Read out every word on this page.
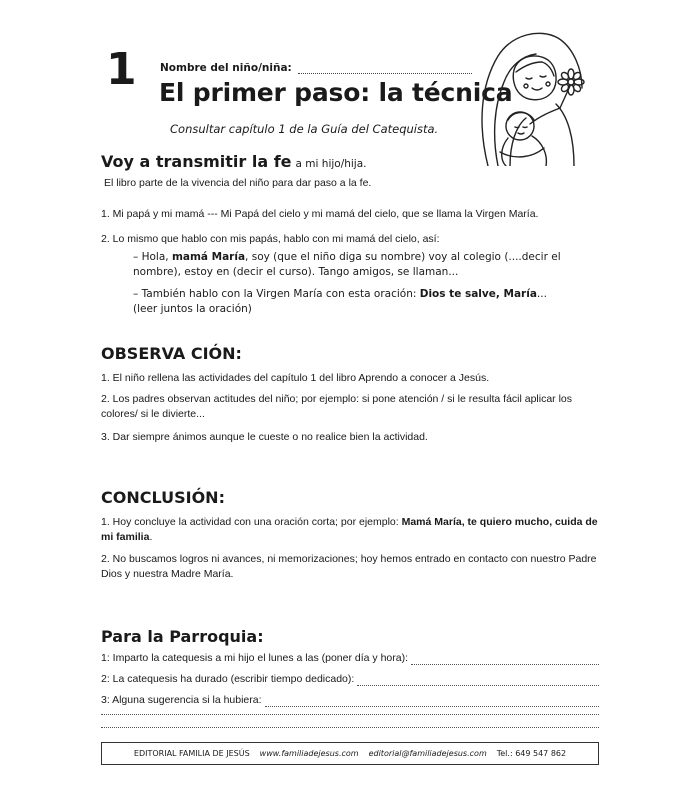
1 Nombre del niño/niña:
El primer paso: la técnica
Consultar capítulo 1 de la Guía del Catequista.
Voy a transmitir la fe a mi hijo/hija.
El libro parte de la vivencia del niño para dar paso a la fe.
1. Mi papá y mi mamá --- Mi Papá del cielo y mi mamá del cielo, que se llama la Virgen María.
2. Lo mismo que hablo con mis papás, hablo con mi mamá del cielo, así:
– Hola, mamá María, soy (que el niño diga su nombre) voy al colegio (....decir el nombre), estoy en (decir el curso). Tango amigos, se llaman...
– También hablo con la Virgen María con esta oración: Dios te salve, María... (leer juntos la oración)
OBSERVA CIÓN:
1. El niño rellena las actividades del capítulo 1 del libro Aprendo a conocer a Jesús.
2. Los padres observan actitudes del niño; por ejemplo: si pone atención / si le resulta fácil aplicar los colores/ si le divierte...
3. Dar siempre ánimos aunque le cueste o no realice bien la actividad.
CONCLUSIÓN:
1. Hoy concluye la actividad con una oración corta; por ejemplo: Mamá María, te quiero mucho, cuida de mi familia.
2. No buscamos logros ni avances, ni memorizaciones; hoy hemos entrado en contacto con nuestro Padre Dios y nuestra Madre María.
Para la Parroquia:
1: Imparto la catequesis a mi hijo el lunes a las (poner día y hora):
2: La catequesis ha durado (escribir tiempo dedicado):
3: Alguna sugerencia si la hubiera:
EDITORIAL FAMILIA DE JESÚS www.familiadejesus.com editorial@familiadejesus.com Tel.: 649 547 862
